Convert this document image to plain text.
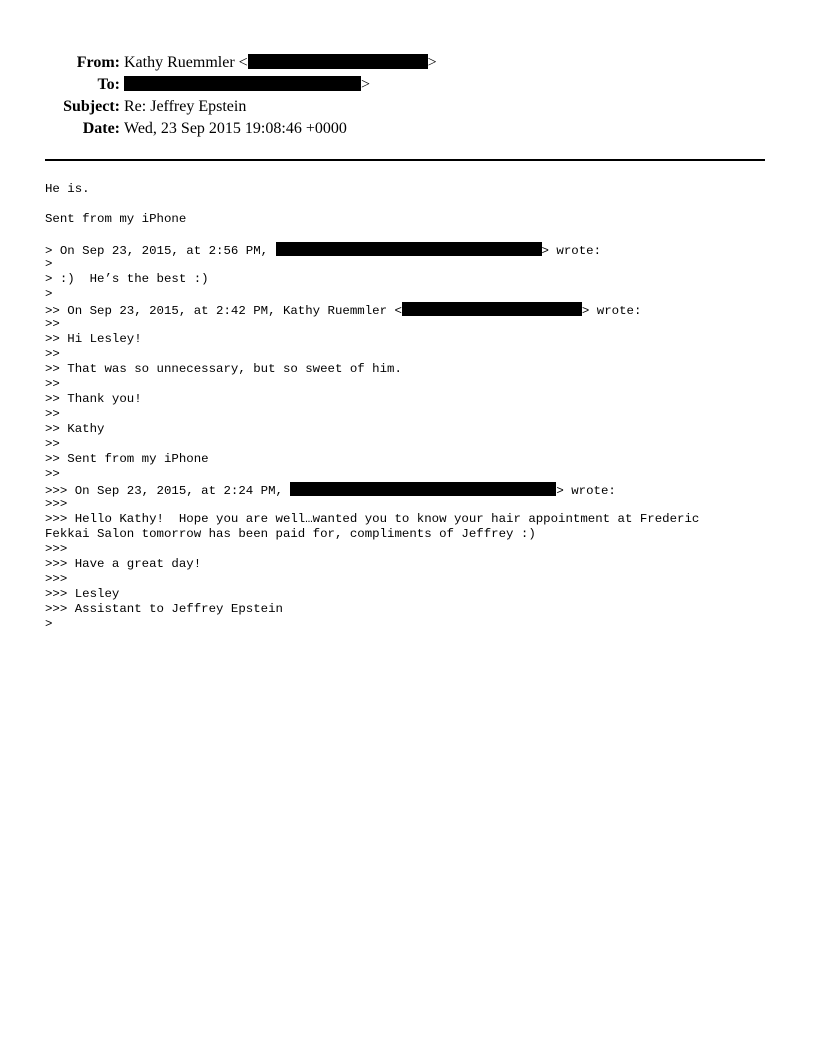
From: Kathy Ruemmler <	>
To:	>
Subject: Re: Jeffrey Epstein
Date: Wed, 23 Sep 2015 19:08:46 +0000
He is.
Sent from my iPhone
> On Sep 23, 2015, at 2:56 PM,	> wrote:
>
> :)  He’s the best :)
>
>> On Sep 23, 2015, at 2:42 PM, Kathy Ruemmler <	> wrote:
>>
>> Hi Lesley!
>>
>> That was so unnecessary, but so sweet of him.
>>
>> Thank you!
>>
>> Kathy
>>
>> Sent from my iPhone
>>
>>> On Sep 23, 2015, at 2:24 PM,	> wrote:
>>>
>>> Hello Kathy!  Hope you are well…wanted you to know your hair appointment at Frederic
Fekkai Salon tomorrow has been paid for, compliments of Jeffrey :)
>>>
>>> Have a great day!
>>>
>>> Lesley
>>> Assistant to Jeffrey Epstein
>
